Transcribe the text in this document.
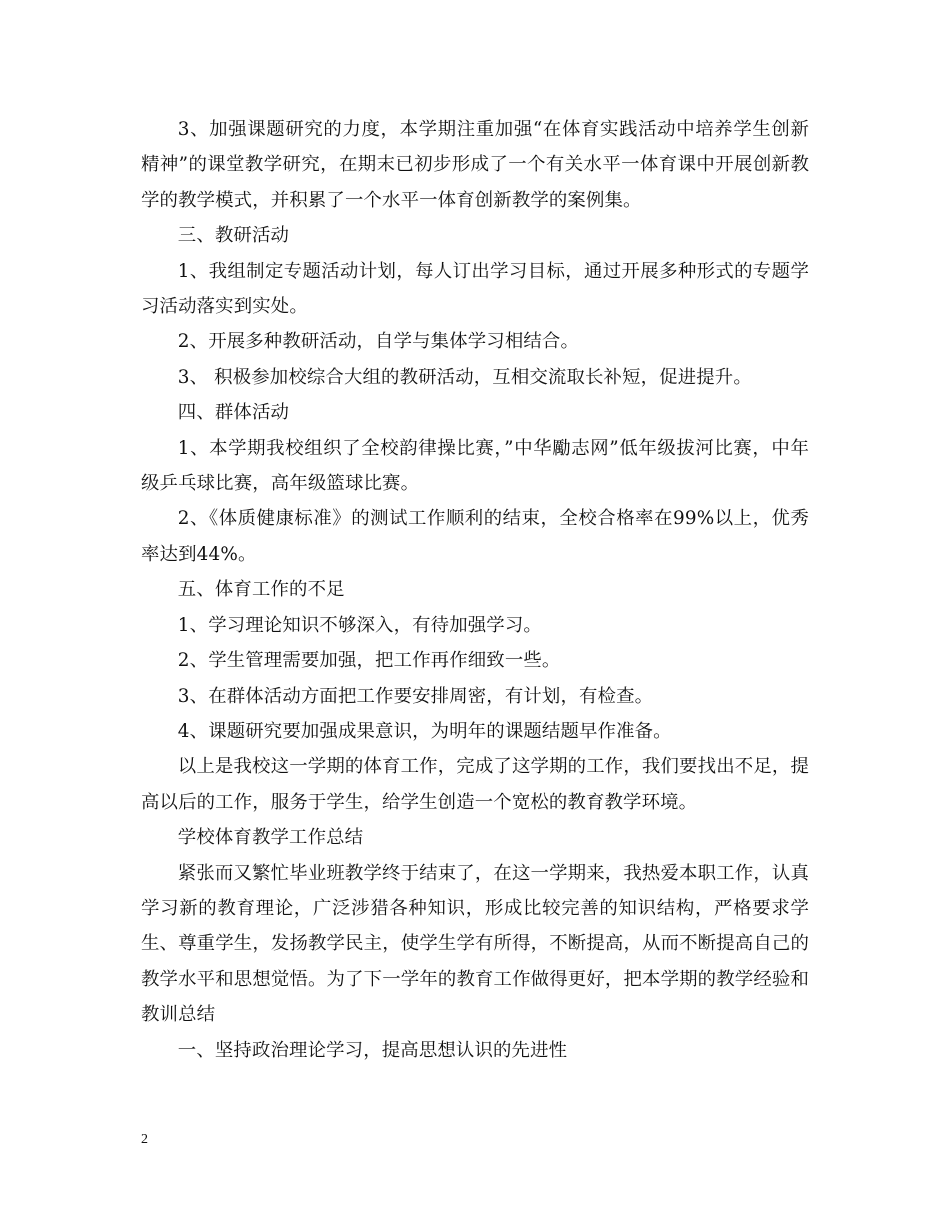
3、加强课题研究的力度，本学期注重加强“在体育实践活动中培养学生创新精神”的课堂教学研究，在期末已初步形成了一个有关水平一体育课中开展创新教学的教学模式，并积累了一个水平一体育创新教学的案例集。

三、教研活动

1、我组制定专题活动计划，每人订出学习目标，通过开展多种形式的专题学习活动落实到实处。

2、开展多种教研活动，自学与集体学习相结合。

3、 积极参加校综合大组的教研活动，互相交流取长补短，促进提升。

四、群体活动

1、本学期我校组织了全校韵律操比赛，”中华勵志网”低年级拔河比赛，中年级乒乓球比赛，高年级篮球比赛。

2、《体质健康标准》的测试工作顺利的结束，全校合格率在99%以上，优秀率达到44%。

五、体育工作的不足

1、学习理论知识不够深入，有待加强学习。

2、学生管理需要加强，把工作再作细致一些。

3、在群体活动方面把工作要安排周密，有计划，有检查。

4、课题研究要加强成果意识，为明年的课题结题早作准备。

以上是我校这一学期的体育工作，完成了这学期的工作，我们要找出不足，提高以后的工作，服务于学生，给学生创造一个宽松的教育教学环境。

学校体育教学工作总结

紧张而又繁忙毕业班教学终于结束了，在这一学期来，我热爱本职工作，认真学习新的教育理论，广泛涉猎各种知识，形成比较完善的知识结构，严格要求学生、尊重学生，发扬教学民主，使学生学有所得，不断提高，从而不断提高自己的教学水平和思想觉悟。为了下一学年的教育工作做得更好，把本学期的教学经验和教训总结

一、坚持政治理论学习，提高思想认识的先进性

2
